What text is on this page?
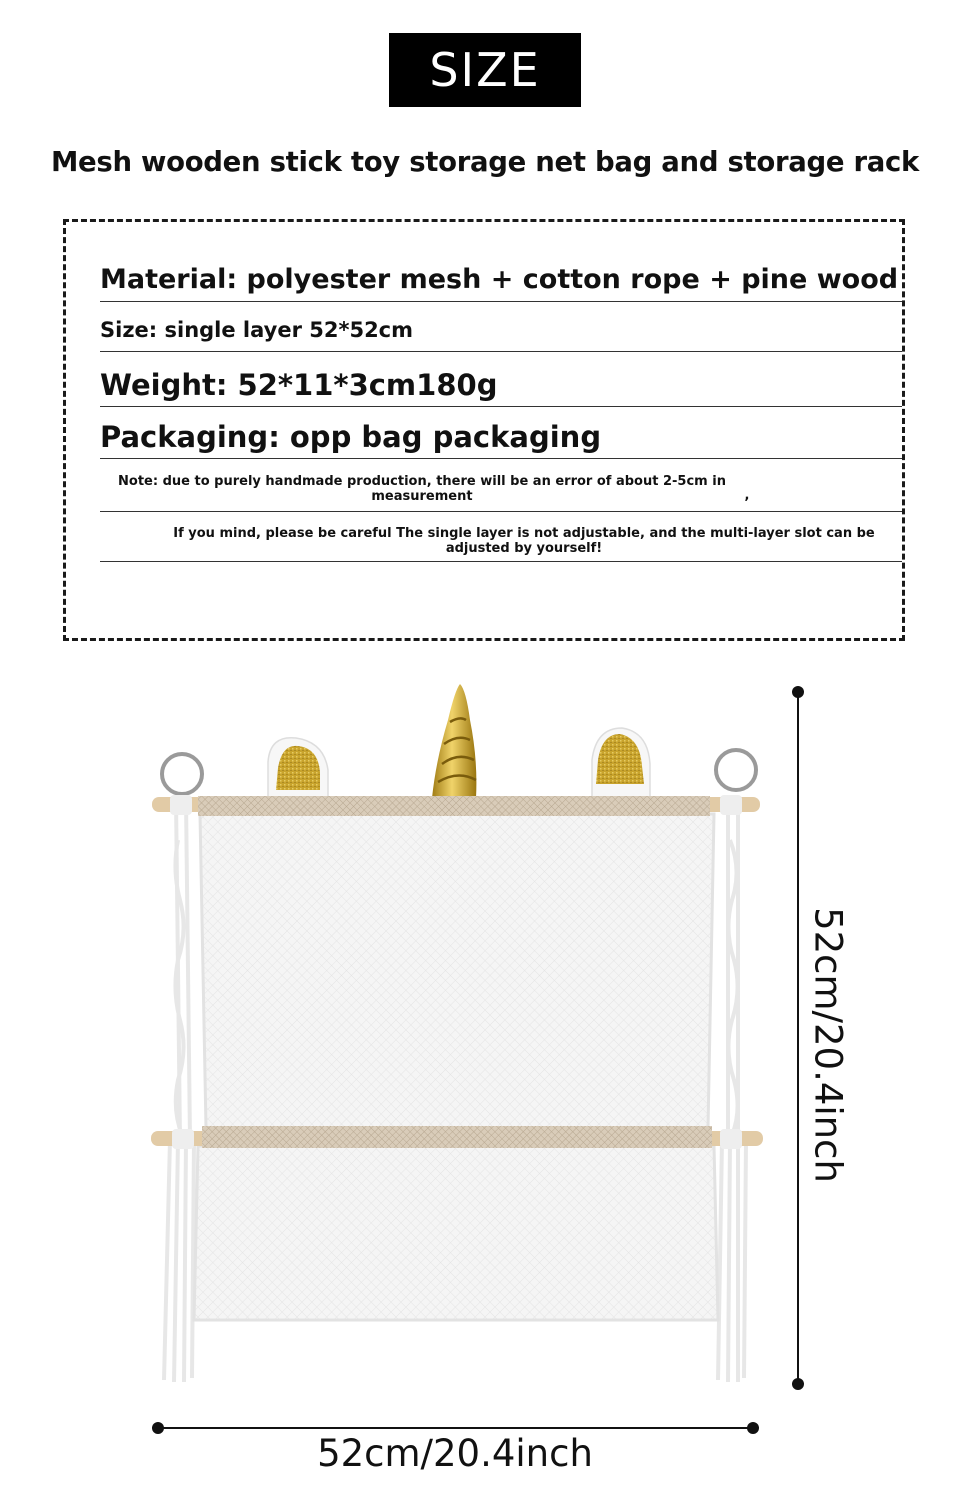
SIZE
Mesh wooden stick toy storage net bag and storage rack
Material: polyester mesh + cotton rope + pine wood
Size: single layer 52*52cm
Weight: 52*11*3cm180g
Packaging: opp bag packaging
Note: due to purely handmade production, there will be an error of about 2-5cm in measurement	,
If you mind, please be careful The single layer is not adjustable, and the multi-layer slot can be adjusted by yourself!
52cm/20.4inch
52cm/20.4inch
